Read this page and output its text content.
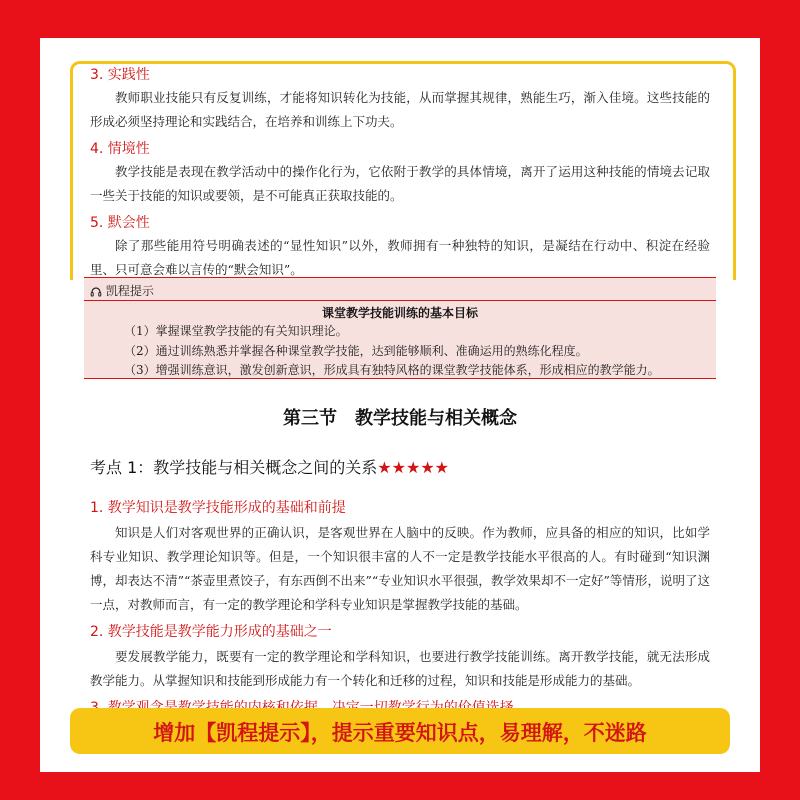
3. 实践性

教师职业技能只有反复训练，才能将知识转化为技能，从而掌握其规律，熟能生巧，渐入佳境。这些技能的形成必须坚持理论和实践结合，在培养和训练上下功夫。

4. 情境性

教学技能是表现在教学活动中的操作化行为，它依附于教学的具体情境，离开了运用这种技能的情境去记取一些关于技能的知识或要领，是不可能真正获取技能的。

5. 默会性

除了那些能用符号明确表述的“显性知识”以外，教师拥有一种独特的知识，是凝结在行动中、积淀在经验里、只可意会难以言传的“默会知识”。

凯程提示
课堂教学技能训练的基本目标
（1）掌握课堂教学技能的有关知识理论。
（2）通过训练熟悉并掌握各种课堂教学技能，达到能够顺利、准确运用的熟练化程度。
（3）增强训练意识，激发创新意识，形成具有独特风格的课堂教学技能体系，形成相应的教学能力。
第三节　教学技能与相关概念
考点 1：教学技能与相关概念之间的关系★★★★★
1. 教学知识是教学技能形成的基础和前提

知识是人们对客观世界的正确认识，是客观世界在人脑中的反映。作为教师，应具备的相应的知识，比如学科专业知识、教学理论知识等。但是，一个知识很丰富的人不一定是教学技能水平很高的人。有时碰到“知识渊博，却表达不清”“茶壶里煮饺子，有东西倒不出来”“专业知识水平很强，教学效果却不一定好”等情形，说明了这一点，对教师而言，有一定的教学理论和学科专业知识是掌握教学技能的基础。

2. 教学技能是教学能力形成的基础之一

要发展教学能力，既要有一定的教学理论和学科知识，也要进行教学技能训练。离开教学技能，就无法形成教学能力。从掌握知识和技能到形成能力有一个转化和迁移的过程，知识和技能是形成能力的基础。

增加【凯程提示】，提示重要知识点，易理解，不迷路
